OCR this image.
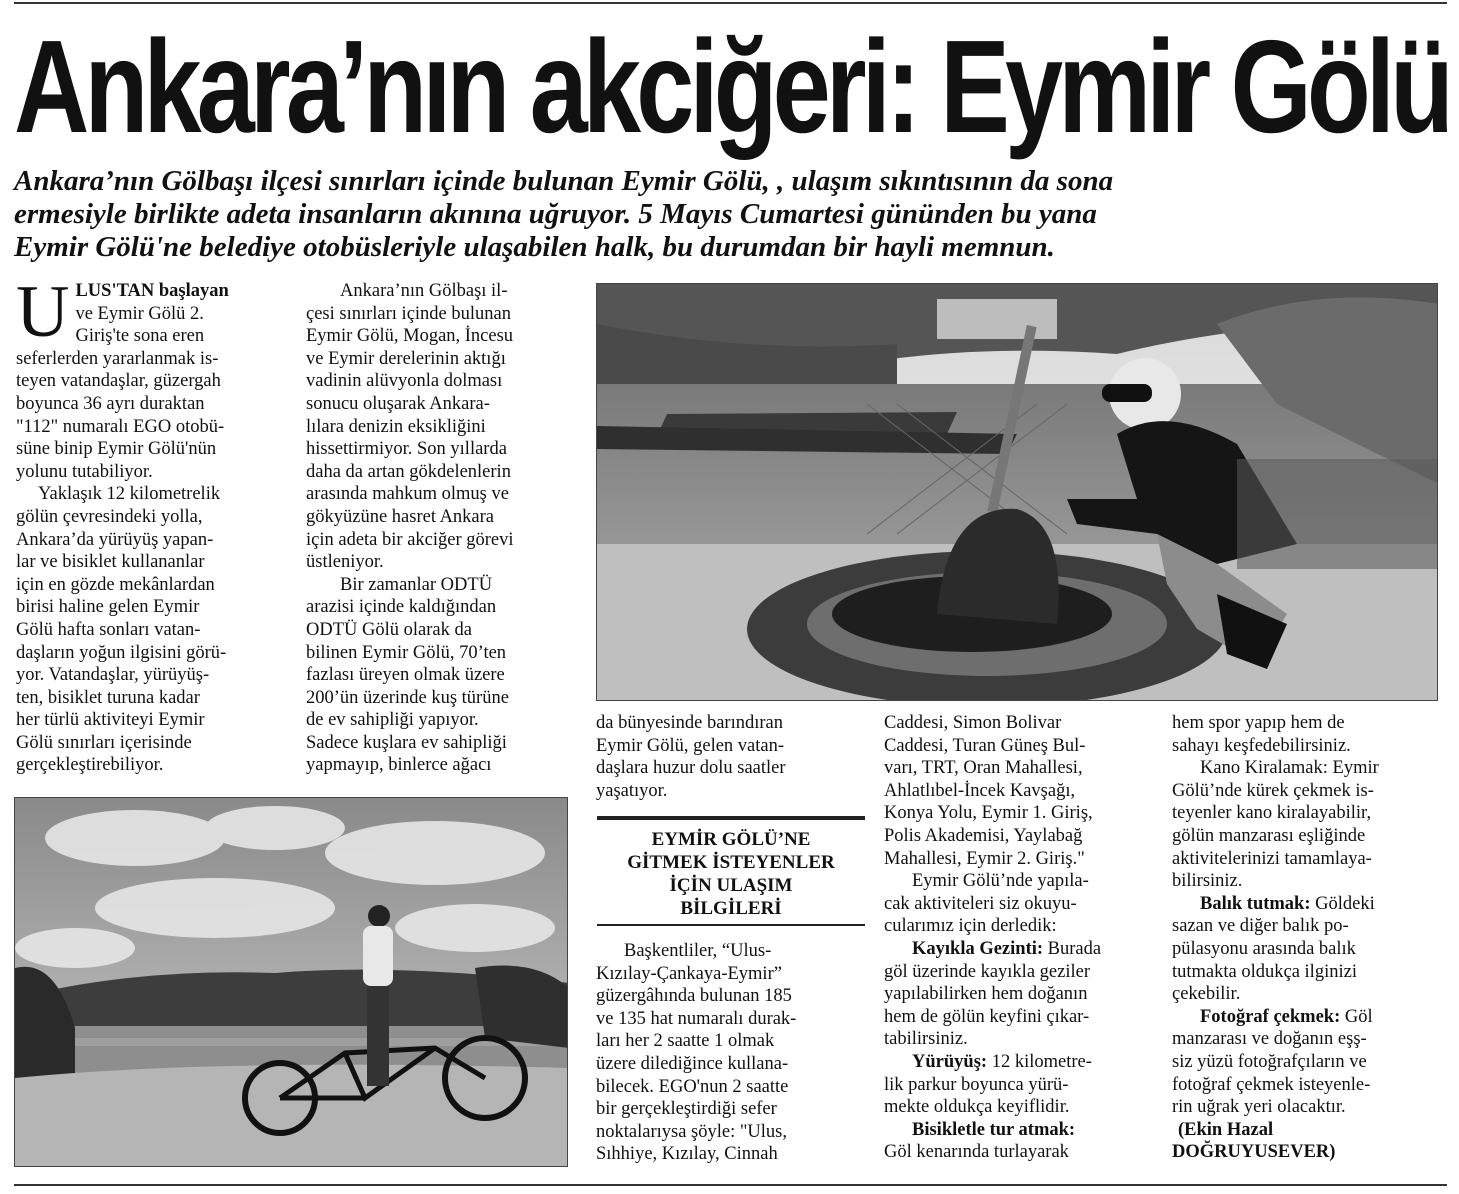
Ankara’nın akciğeri: Eymir Gölü
Ankara’nın Gölbaşı ilçesi sınırları içinde bulunan Eymir Gölü, , ulaşım sıkıntısının da sona
ermesiyle birlikte adeta insanların akınına uğruyor. 5 Mayıs Cumartesi gününden bu yana
Eymir Gölü'ne belediye otobüsleriyle ulaşabilen halk, bu durumdan bir hayli memnun.
U LUS'TAN başlayan
ve Eymir Gölü 2.
Giriş'te sona eren
seferlerden yararlanmak is-
teyen vatandaşlar, güzergah
boyunca 36 ayrı duraktan
"112" numaralı EGO otobü-
süne binip Eymir Gölü'nün
yolunu tutabiliyor.
Yaklaşık 12 kilometrelik
gölün çevresindeki yolla,
Ankara’da yürüyüş yapan-
lar ve bisiklet kullananlar
için en gözde mekânlardan
birisi haline gelen Eymir
Gölü hafta sonları vatan-
daşların yoğun ilgisini görü-
yor. Vatandaşlar, yürüyüş-
ten, bisiklet turuna kadar
her türlü aktiviteyi Eymir
Gölü sınırları içerisinde
gerçekleştirebiliyor.
Ankara’nın Gölbaşı il-
çesi sınırları içinde bulunan
Eymir Gölü, Mogan, İncesu
ve Eymir derelerinin aktığı
vadinin alüvyonla dolması
sonucu oluşarak Ankara-
lılara denizin eksikliğini
hissettirmiyor. Son yıllarda
daha da artan gökdelenlerin
arasında mahkum olmuş ve
gökyüzüne hasret Ankara
için adeta bir akciğer görevi
üstleniyor.
Bir zamanlar ODTÜ
arazisi içinde kaldığından
ODTÜ Gölü olarak da
bilinen Eymir Gölü, 70’ten
fazlası üreyen olmak üzere
200’ün üzerinde kuş türüne
de ev sahipliği yapıyor.
Sadece kuşlara ev sahipliği
yapmayıp, binlerce ağacı
da bünyesinde barındıran
Eymir Gölü, gelen vatan-
daşlara huzur dolu saatler
yaşatıyor.
EYMİR GÖLÜ’NE
GİTMEK İSTEYENLER
İÇİN ULAŞIM
BİLGİLERİ
Başkentliler, “Ulus-
Kızılay-Çankaya-Eymir”
güzergâhında bulunan 185
ve 135 hat numaralı durak-
ları her 2 saatte 1 olmak
üzere dilediğince kullana-
bilecek. EGO'nun 2 saatte
bir gerçekleştirdiği sefer
noktalarıysa şöyle: "Ulus,
Sıhhiye, Kızılay, Cinnah
Caddesi, Simon Bolivar
Caddesi, Turan Güneş Bul-
varı, TRT, Oran Mahallesi,
Ahlatlıbel-İncek Kavşağı,
Konya Yolu, Eymir 1. Giriş,
Polis Akademisi, Yaylabağ
Mahallesi, Eymir 2. Giriş."
Eymir Gölü’nde yapıla-
cak aktiviteleri siz okuyu-
cularımız için derledik:
Kayıkla Gezinti: Burada
göl üzerinde kayıkla geziler
yapılabilirken hem doğanın
hem de gölün keyfini çıkar-
tabilirsiniz.
Yürüyüş: 12 kilometre-
lik parkur boyunca yürü-
mekte oldukça keyiflidir.
Bisikletle tur atmak:
Göl kenarında turlayarak
hem spor yapıp hem de
sahayı keşfedebilirsiniz.
Kano Kiralamak: Eymir
Gölü’nde kürek çekmek is-
teyenler kano kiralayabilir,
gölün manzarası eşliğinde
aktivitelerinizi tamamlaya-
bilirsiniz.
Balık tutmak: Göldeki
sazan ve diğer balık po-
pülasyonu arasında balık
tutmakta oldukça ilginizi
çekebilir.
Fotoğraf çekmek: Göl
manzarası ve doğanın eşş-
siz yüzü fotoğrafçıların ve
fotoğraf çekmek isteyenle-
rin uğrak yeri olacaktır.
(Ekin Hazal
DOĞRUYUSEVER)
